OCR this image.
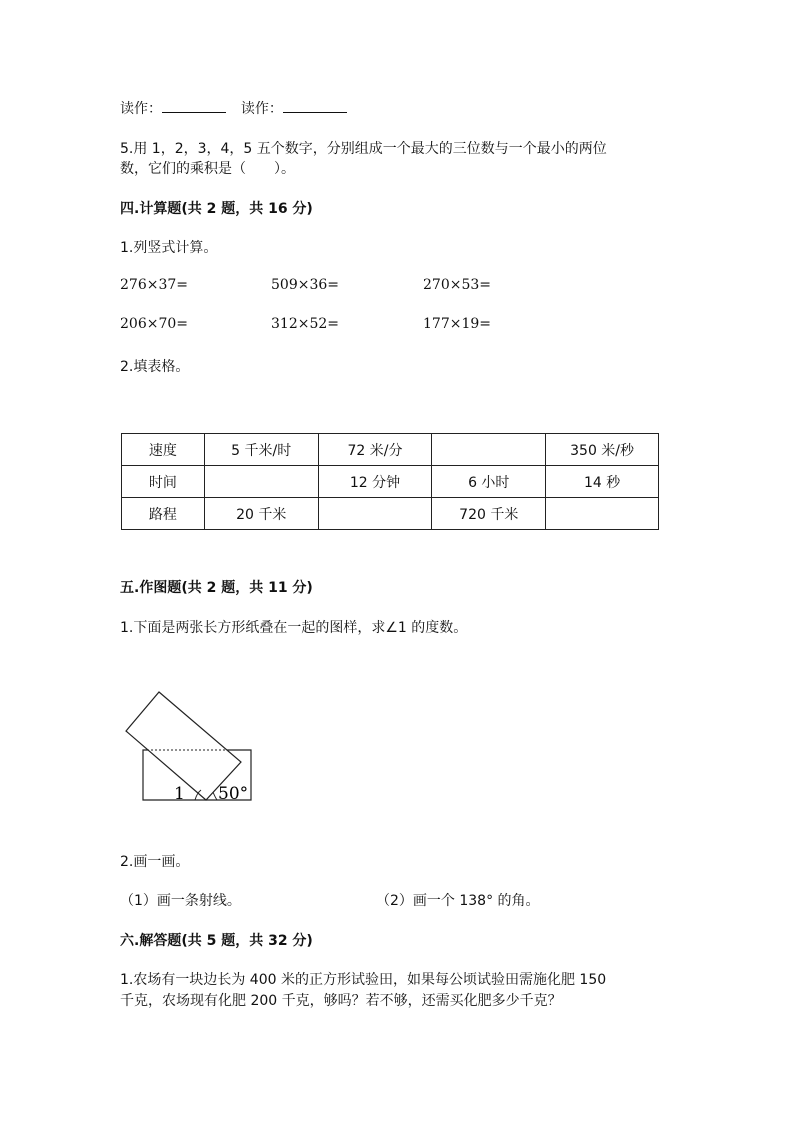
读作：	读作：
5.用 1，2，3，4，5 五个数字，分别组成一个最大的三位数与一个最小的两位
数，它们的乘积是（　　）。
四.计算题(共 2 题，共 16 分)
1.列竖式计算。
276×37=	509×36=	270×53=
206×70=	312×52=	177×19=
2.填表格。
速度	5 千米/时	72 米/分		350 米/秒
时间		12 分钟	6 小时	14 秒
路程	20 千米		720 千米	
五.作图题(共 2 题，共 11 分)
1.下面是两张长方形纸叠在一起的图样，求∠1 的度数。
1 50°
2.画一画。
（1）画一条射线。	（2）画一个 138° 的角。
六.解答题(共 5 题，共 32 分)
1.农场有一块边长为 400 米的正方形试验田，如果每公顷试验田需施化肥 150
千克，农场现有化肥 200 千克，够吗？若不够，还需买化肥多少千克？
